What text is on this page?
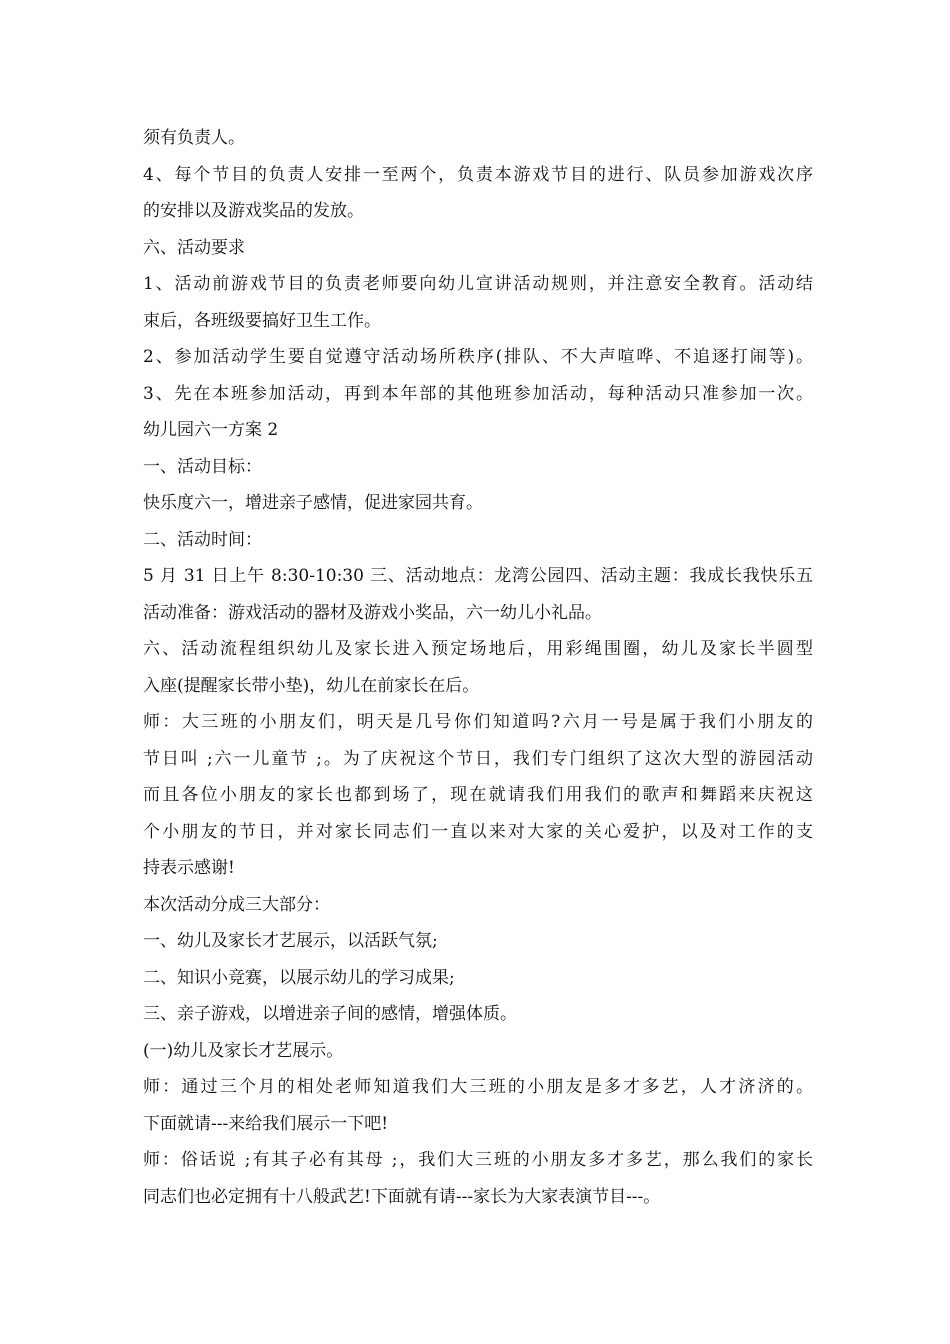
须有负责人。
4、每个节目的负责人安排一至两个，负责本游戏节目的进行、队员参加游戏次序
的安排以及游戏奖品的发放。
六、活动要求
1、活动前游戏节目的负责老师要向幼儿宣讲活动规则，并注意安全教育。活动结
束后，各班级要搞好卫生工作。
2、参加活动学生要自觉遵守活动场所秩序(排队、不大声喧哗、不追逐打闹等)。
3、先在本班参加活动，再到本年部的其他班参加活动，每种活动只准参加一次。
幼儿园六一方案 2
一、活动目标：
快乐度六一，增进亲子感情，促进家园共育。
二、活动时间：
5 月 31 日上午 8:30-10:30 三、活动地点：龙湾公园四、活动主题：我成长我快乐五
活动准备：游戏活动的器材及游戏小奖品，六一幼儿小礼品。
六、活动流程组织幼儿及家长进入预定场地后，用彩绳围圈，幼儿及家长半圆型
入座(提醒家长带小垫)，幼儿在前家长在后。
师：大三班的小朋友们，明天是几号你们知道吗?六月一号是属于我们小朋友的
节日叫 ;六一儿童节 ;。为了庆祝这个节日，我们专门组织了这次大型的游园活动
而且各位小朋友的家长也都到场了，现在就请我们用我们的歌声和舞蹈来庆祝这
个小朋友的节日，并对家长同志们一直以来对大家的关心爱护，以及对工作的支
持表示感谢!
本次活动分成三大部分：
一、幼儿及家长才艺展示，以活跃气氛;
二、知识小竞赛，以展示幼儿的学习成果;
三、亲子游戏，以增进亲子间的感情，增强体质。
(一)幼儿及家长才艺展示。
师：通过三个月的相处老师知道我们大三班的小朋友是多才多艺，人才济济的。
下面就请---来给我们展示一下吧!
师：俗话说 ;有其子必有其母 ;，我们大三班的小朋友多才多艺，那么我们的家长
同志们也必定拥有十八般武艺!下面就有请---家长为大家表演节目---。
